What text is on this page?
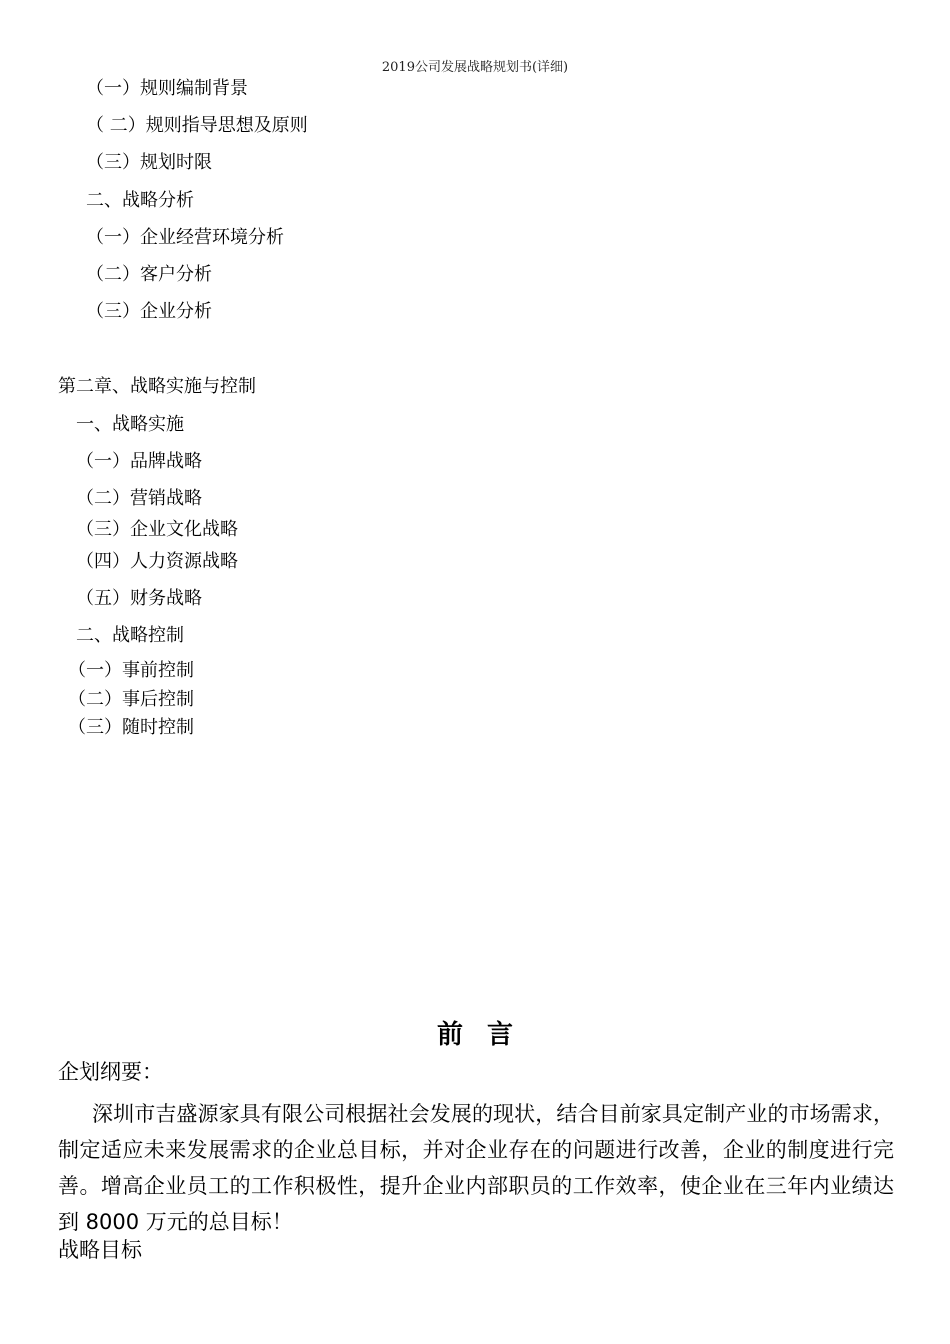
2019公司发展战略规划书(详细)
（一）规则编制背景
（ 二）规则指导思想及原则
（三）规划时限
二、战略分析
（一）企业经营环境分析
（二）客户分析
（三）企业分析
第二章、战略实施与控制
一、战略实施
（一）品牌战略
（二）营销战略
（三）企业文化战略
（四）人力资源战略
（五）财务战略
二、战略控制
（一）事前控制
（二）事后控制
（三）随时控制
前言
企划纲要：

深圳市吉盛源家具有限公司根据社会发展的现状，结合目前家具定制产业的市场需求，制定适应未来发展需求的企业总目标，并对企业存在的问题进行改善，企业的制度进行完善。增高企业员工的工作积极性，提升企业内部职员的工作效率，使企业在三年内业绩达到 8000 万元的总目标！

战略目标
